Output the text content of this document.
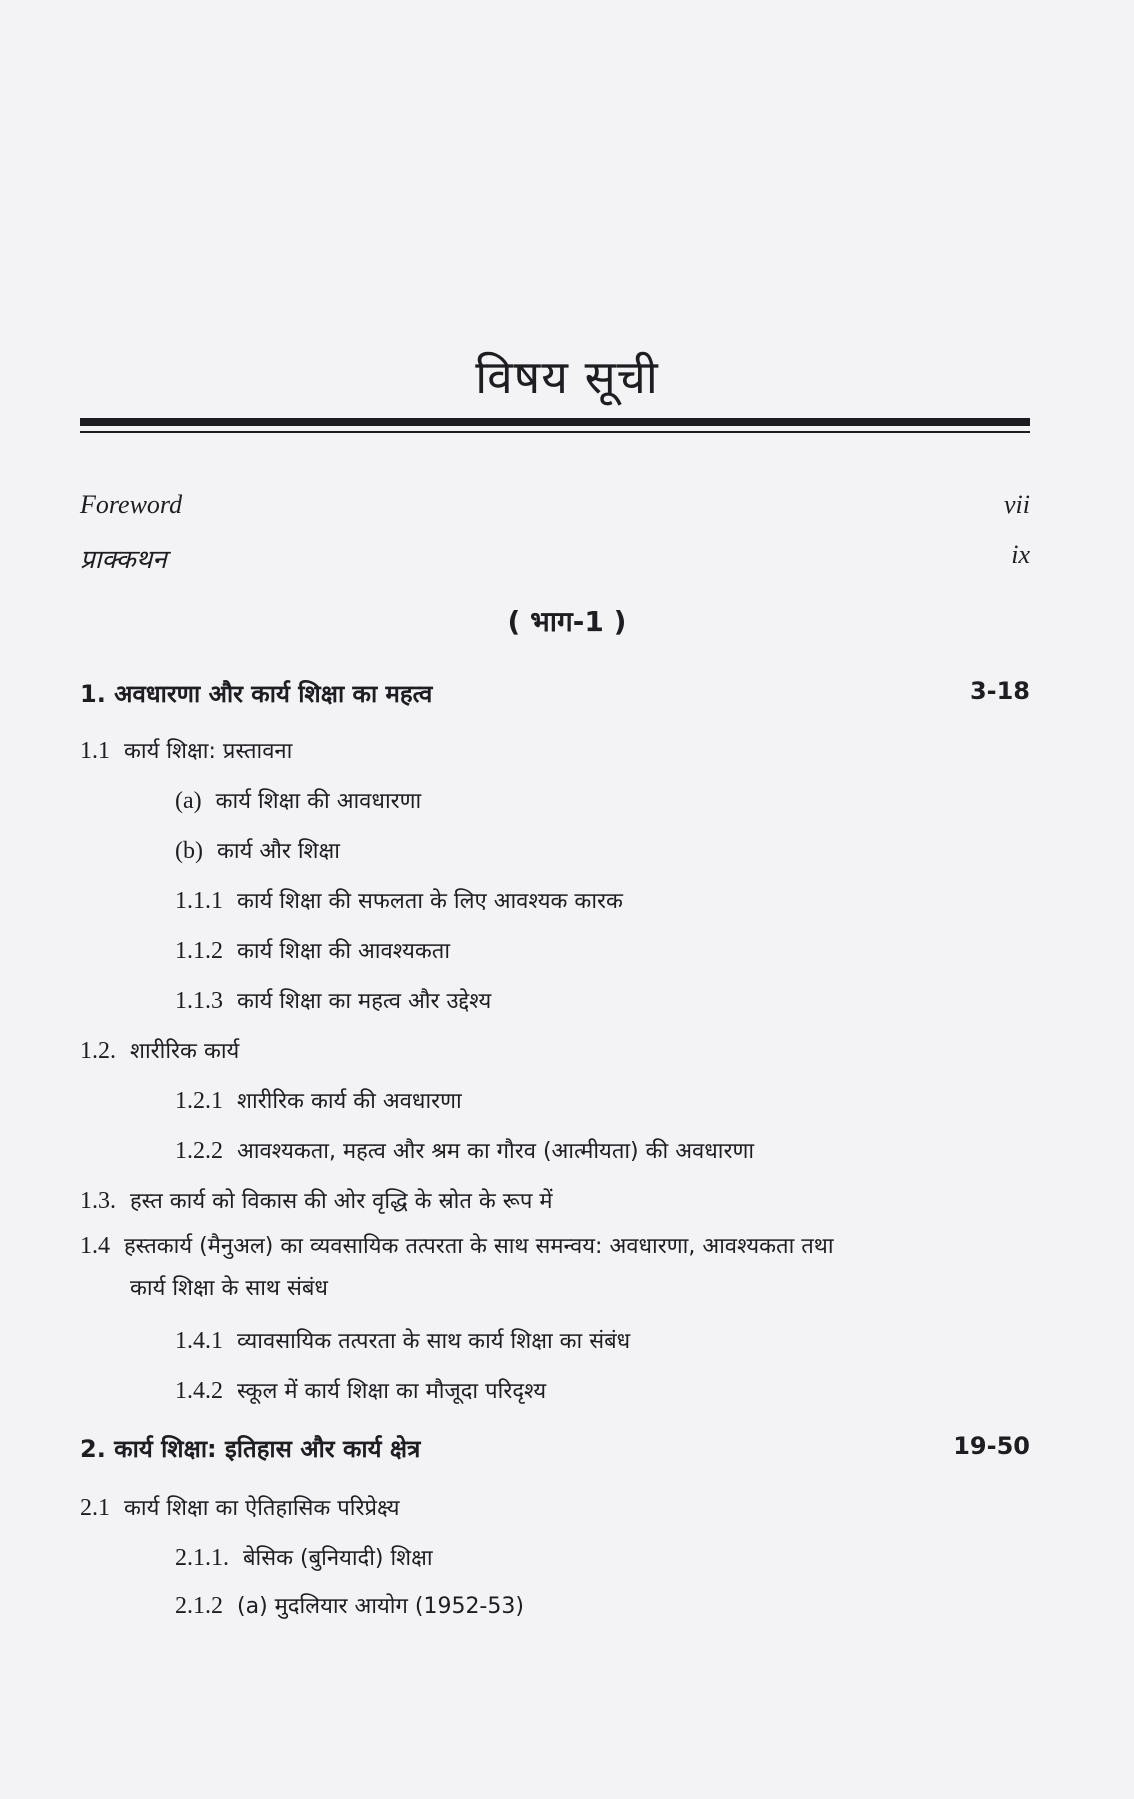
विषय सूची
Foreword	vii
प्राक्कथन	ix
( भाग-1 )
1. अवधारणा और कार्य शिक्षा का महत्व	3-18
1.1 कार्य शिक्षा: प्रस्तावना
(a) कार्य शिक्षा की आवधारणा
(b) कार्य और शिक्षा
1.1.1 कार्य शिक्षा की सफलता के लिए आवश्यक कारक
1.1.2 कार्य शिक्षा की आवश्यकता
1.1.3 कार्य शिक्षा का महत्व और उद्देश्य
1.2. शारीरिक कार्य
1.2.1 शारीरिक कार्य की अवधारणा
1.2.2 आवश्यकता, महत्व और श्रम का गौरव (आत्मीयता) की अवधारणा
1.3. हस्त कार्य को विकास की ओर वृद्धि के स्रोत के रूप में
1.4 हस्तकार्य (मैनुअल) का व्यवसायिक तत्परता के साथ समन्वय: अवधारणा, आवश्यकता तथा
कार्य शिक्षा के साथ संबंध
1.4.1 व्यावसायिक तत्परता के साथ कार्य शिक्षा का संबंध
1.4.2 स्कूल में कार्य शिक्षा का मौजूदा परिदृश्य
2. कार्य शिक्षा: इतिहास और कार्य क्षेत्र	19-50
2.1 कार्य शिक्षा का ऐतिहासिक परिप्रेक्ष्य
2.1.1. बेसिक (बुनियादी) शिक्षा
2.1.2 (a) मुदलियार आयोग (1952-53)
